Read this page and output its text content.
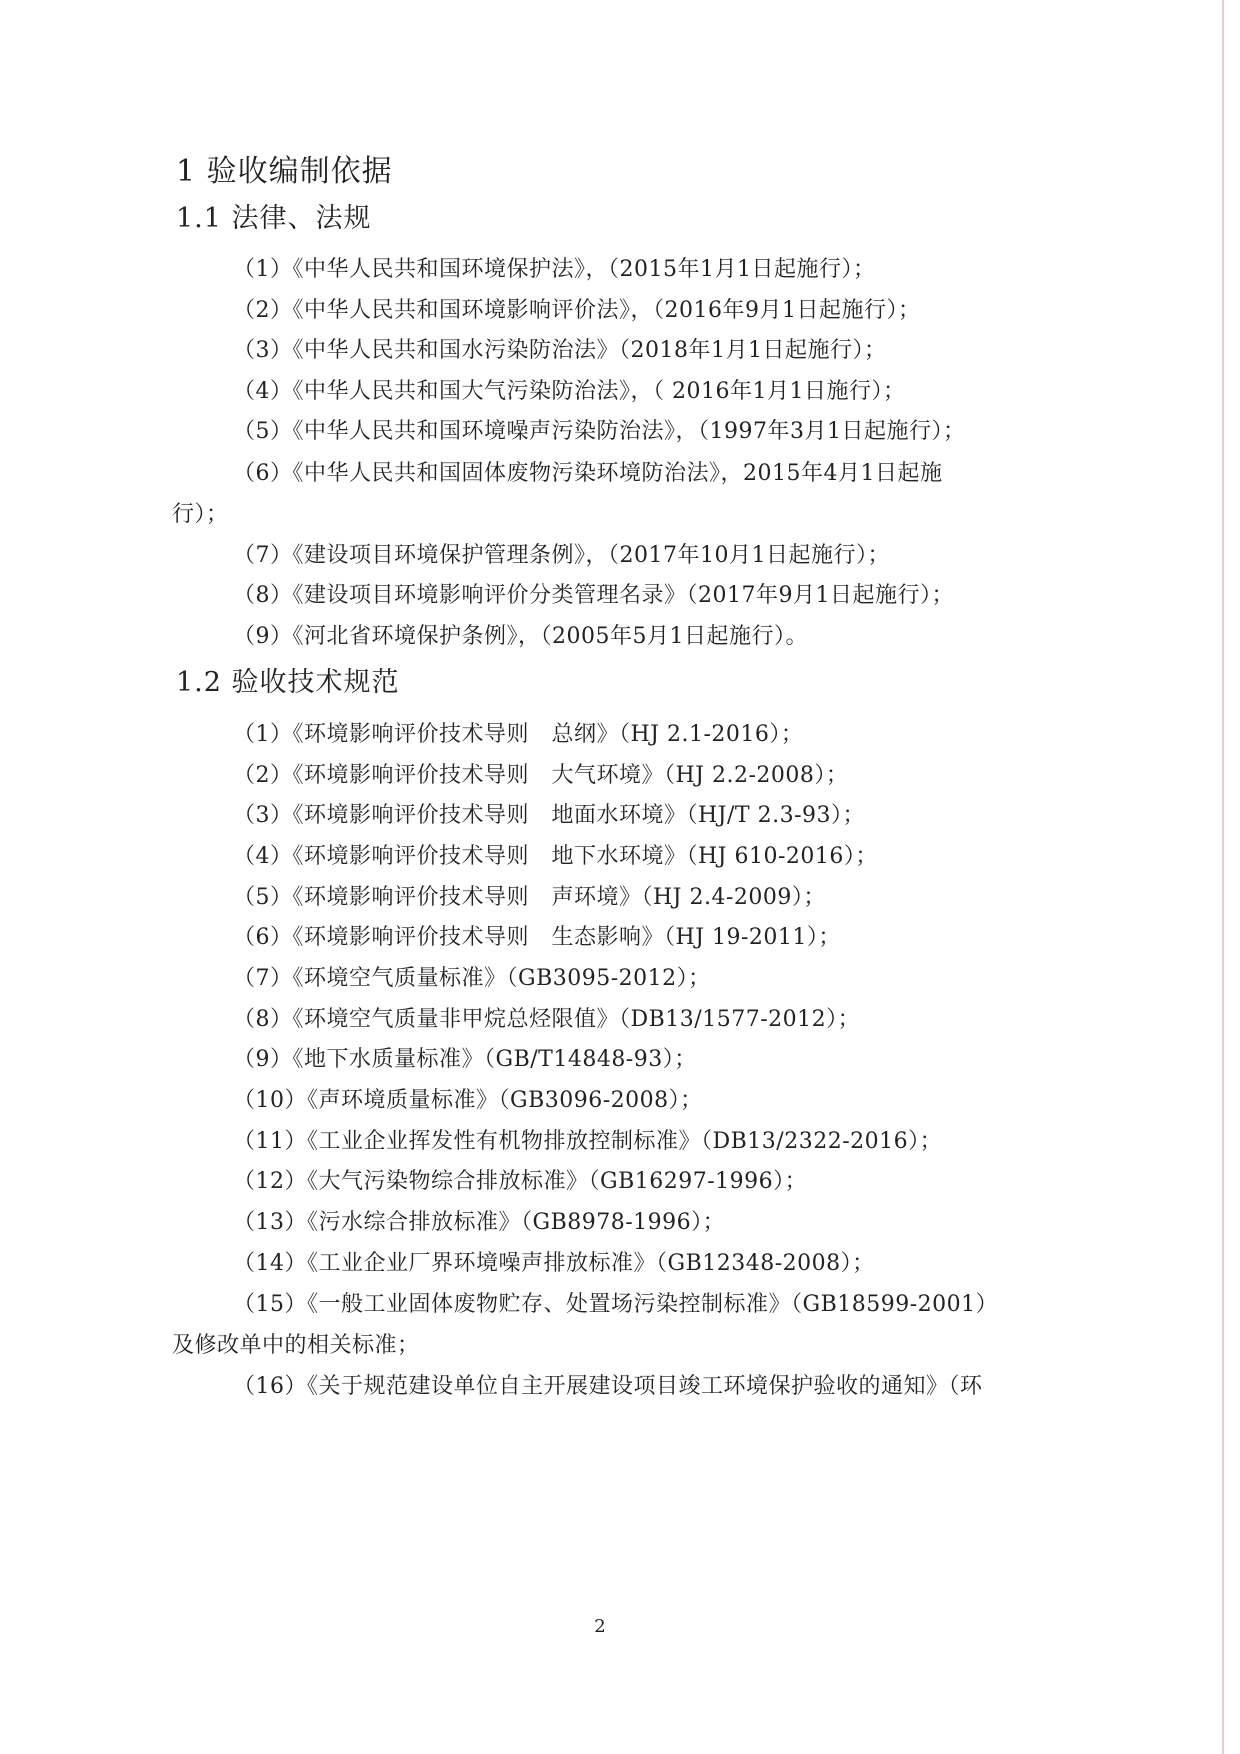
1 验收编制依据
1.1 法律、法规
（1）《中华人民共和国环境保护法》，（2015年1月1日起施行）；
（2）《中华人民共和国环境影响评价法》，（2016年9月1日起施行）；
（3）《中华人民共和国水污染防治法》（2018年1月1日起施行）；
（4）《中华人民共和国大气污染防治法》，（ 2016年1月1日施行）；
（5）《中华人民共和国环境噪声污染防治法》，（1997年3月1日起施行）；
（6）《中华人民共和国固体废物污染环境防治法》，2015年4月1日起施
行）；
（7）《建设项目环境保护管理条例》，（2017年10月1日起施行）；
（8）《建设项目环境影响评价分类管理名录》（2017年9月1日起施行）；
（9）《河北省环境保护条例》，（2005年5月1日起施行）。
1.2 验收技术规范
（1）《环境影响评价技术导则　总纲》（HJ 2.1-2016）；
（2）《环境影响评价技术导则　大气环境》（HJ 2.2-2008）；
（3）《环境影响评价技术导则　地面水环境》（HJ/T 2.3-93）；
（4）《环境影响评价技术导则　地下水环境》（HJ 610-2016）；
（5）《环境影响评价技术导则　声环境》（HJ 2.4-2009）；
（6）《环境影响评价技术导则　生态影响》（HJ 19-2011）；
（7）《环境空气质量标准》（GB3095-2012）；
（8）《环境空气质量非甲烷总烃限值》（DB13/1577-2012）；
（9）《地下水质量标准》（GB/T14848-93）；
（10）《声环境质量标准》（GB3096-2008）；
（11）《工业企业挥发性有机物排放控制标准》（DB13/2322-2016）；
（12）《大气污染物综合排放标准》（GB16297-1996）；
（13）《污水综合排放标准》（GB8978-1996）；
（14）《工业企业厂界环境噪声排放标准》（GB12348-2008）；
（15）《一般工业固体废物贮存、处置场污染控制标准》（GB18599-2001）
及修改单中的相关标准；
（16）《关于规范建设单位自主开展建设项目竣工环境保护验收的通知》（环
2
